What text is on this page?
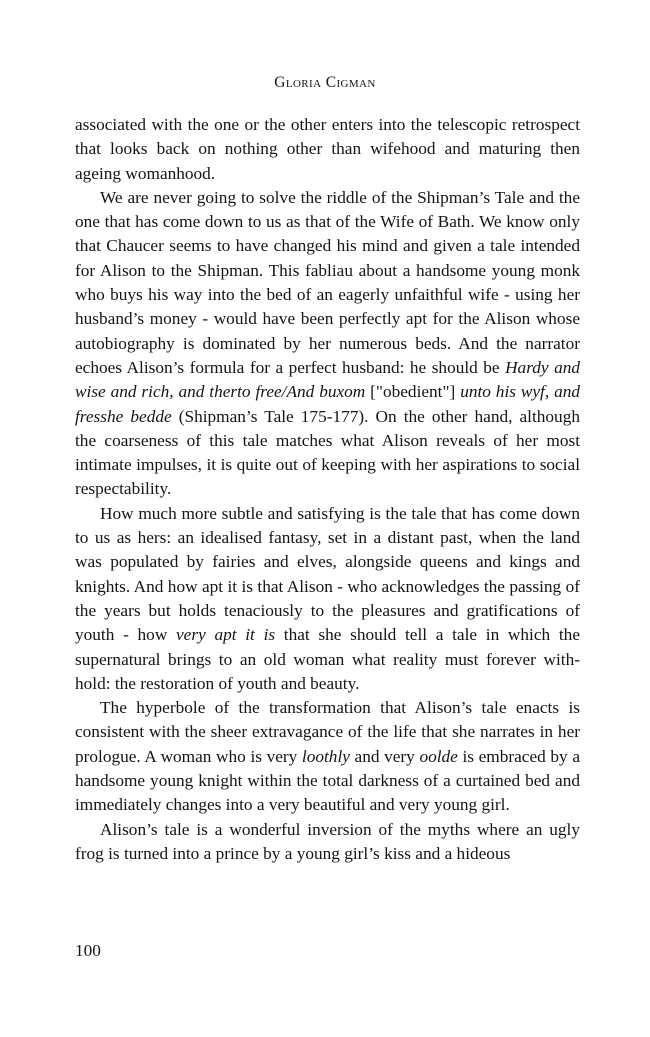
Gloria Cigman

associated with the one or the other enters into the telescopic retrospect that looks back on nothing other than wifehood and maturing then ageing womanhood.

We are never going to solve the riddle of the Shipman’s Tale and the one that has come down to us as that of the Wife of Bath. We know only that Chaucer seems to have changed his mind and given a tale intended for Alison to the Shipman. This fabliau about a handsome young monk who buys his way into the bed of an eagerly unfaithful wife - using her husband’s money - would have been perfectly apt for the Alison whose autobiography is dominated by her numerous beds. And the narrator echoes Alison’s formula for a perfect husband: he should be Hardy and wise and rich, and therto free/And buxom ["obedient"] unto his wyf, and fresshe bedde (Shipman’s Tale 175-177). On the other hand, although the coarseness of this tale matches what Alison reveals of her most intimate impulses, it is quite out of keeping with her aspirations to social respectability.

How much more subtle and satisfying is the tale that has come down to us as hers: an idealised fantasy, set in a distant past, when the land was populated by fairies and elves, alongside queens and kings and knights. And how apt it is that Alison - who acknowledges the passing of the years but holds tenaciously to the pleasures and gratifications of youth - how very apt it is that she should tell a tale in which the supernatural brings to an old woman what reality must forever with-hold: the restoration of youth and beauty.

The hyperbole of the transformation that Alison’s tale enacts is consistent with the sheer extravagance of the life that she narrates in her prologue. A woman who is very loothly and very oolde is embraced by a handsome young knight within the total darkness of a curtained bed and immediately changes into a very beautiful and very young girl.

Alison’s tale is a wonderful inversion of the myths where an ugly frog is turned into a prince by a young girl’s kiss and a hideous

100
